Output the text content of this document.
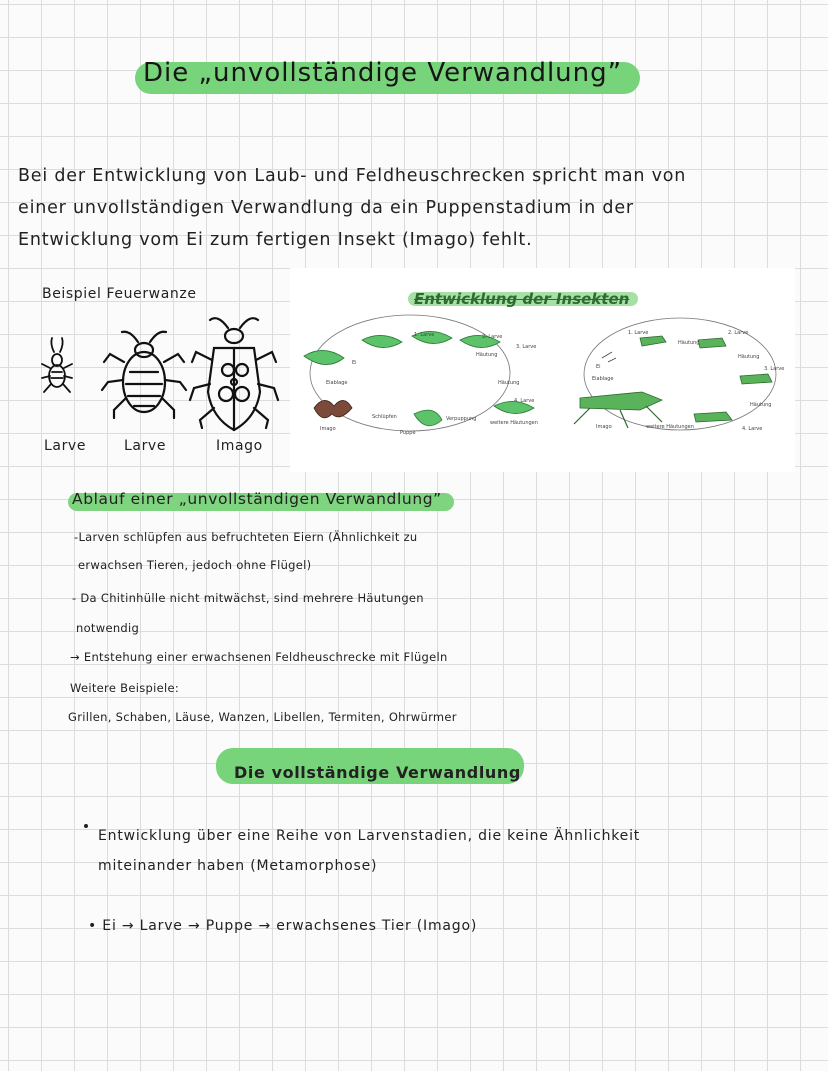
Die „unvollständige Verwandlung”
Bei der Entwicklung von Laub- und Feldheuschrecken spricht man von
einer unvollständigen Verwandlung da ein Puppenstadium in der
Entwicklung vom Ei zum fertigen Insekt (Imago) fehlt.
Beispiel Feuerwanze
Larve	Larve	Imago
Entwicklung der Insekten
Ei
1. Larve	2. Larve
3. Larve
Häutung
4. Larve
Häutung
weitere Häutungen
Verpuppung
Puppe
Schlüpfen
Eiablage
Imago
1. Larve	2. Larve
Häutung
3. Larve
Häutung
4. Larve
Häutung
weitere Häutungen
Imago
Ei
Eiablage
Ablauf einer „unvollständigen Verwandlung”
-Larven schlüpfen aus befruchteten Eiern (Ähnlichkeit zu
erwachsen Tieren, jedoch ohne Flügel)
- Da Chitinhülle nicht mitwächst, sind mehrere Häutungen
notwendig
→ Entstehung einer erwachsenen Feldheuschrecke mit Flügeln
Weitere Beispiele:
Grillen, Schaben, Läuse, Wanzen, Libellen, Termiten, Ohrwürmer
Die vollständige Verwandlung
Entwicklung über eine Reihe von Larvenstadien, die keine Ähnlichkeit
miteinander haben (Metamorphose)
• Ei → Larve → Puppe → erwachsenes Tier (Imago)
